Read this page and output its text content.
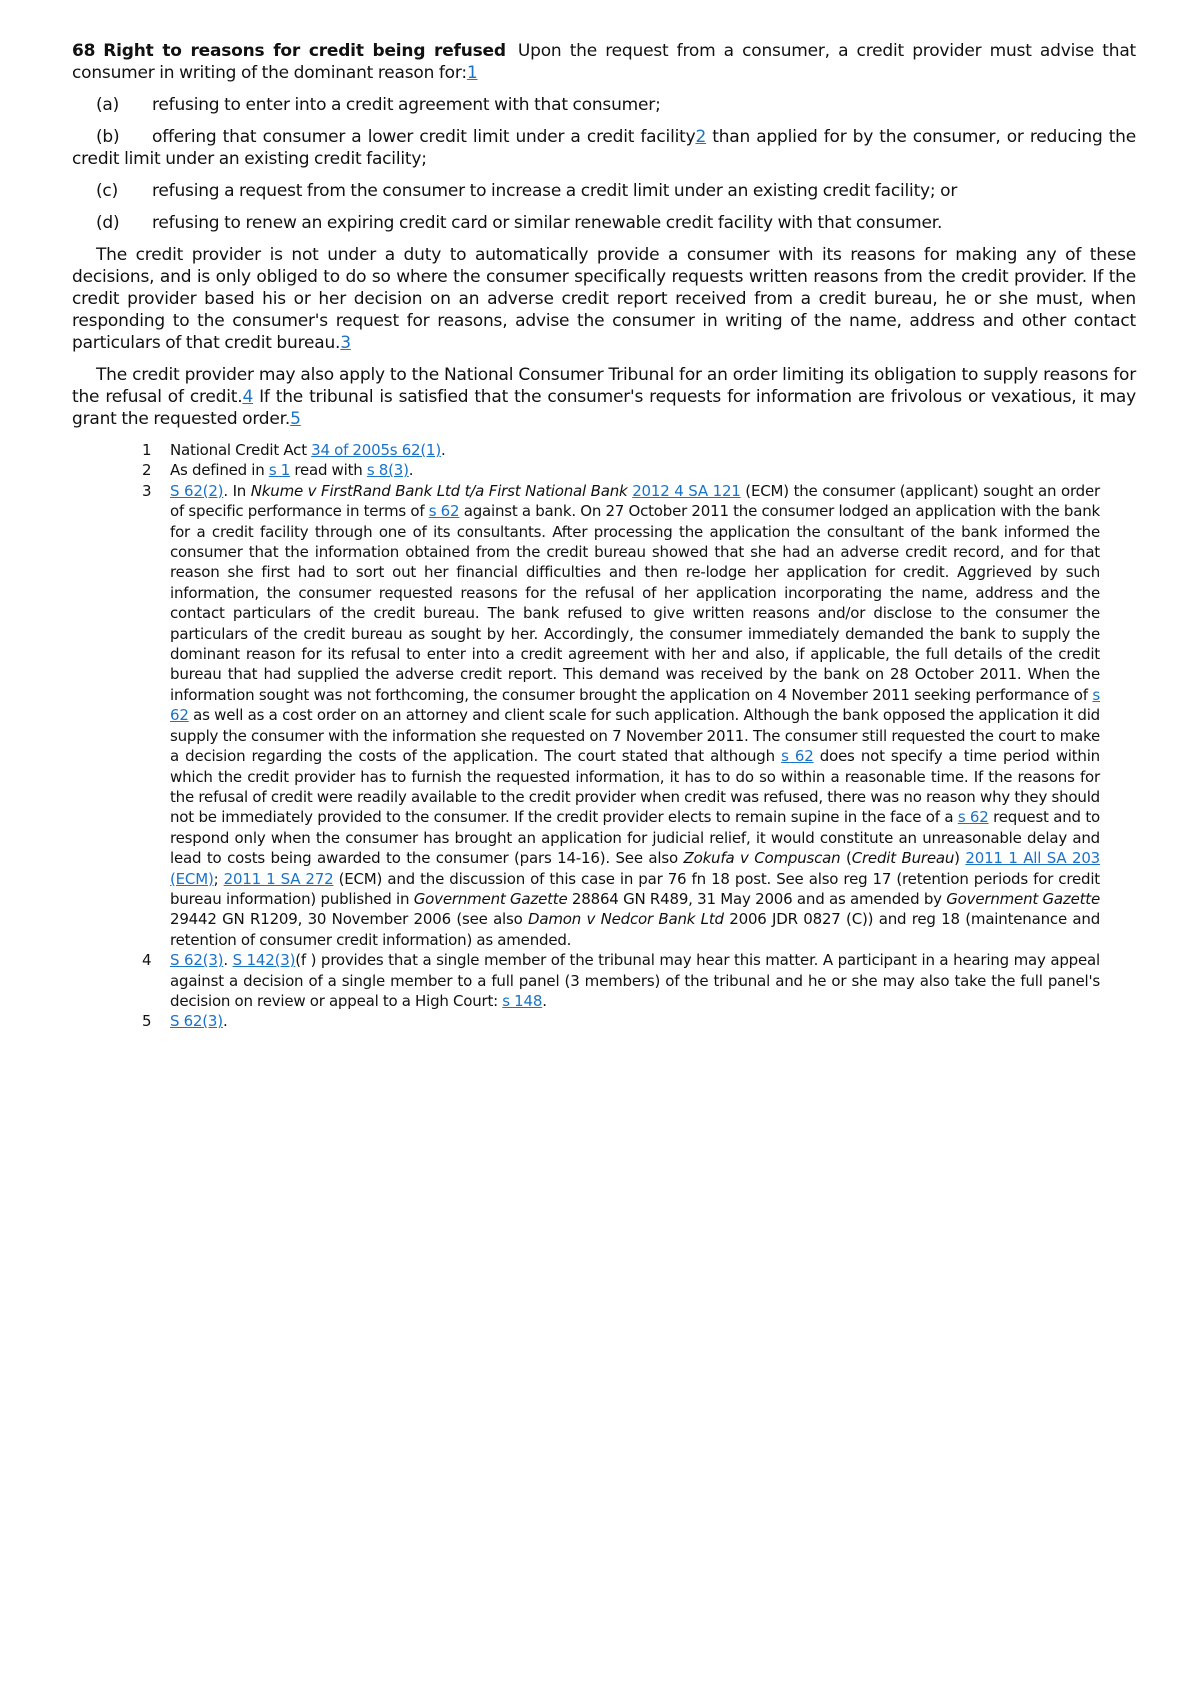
68 Right to reasons for credit being refused Upon the request from a consumer, a credit provider must advise that consumer in writing of the dominant reason for:1

(a) refusing to enter into a credit agreement with that consumer;

(b) offering that consumer a lower credit limit under a credit facility2 than applied for by the consumer, or reducing the credit limit under an existing credit facility;

(c) refusing a request from the consumer to increase a credit limit under an existing credit facility; or

(d) refusing to renew an expiring credit card or similar renewable credit facility with that consumer.

The credit provider is not under a duty to automatically provide a consumer with its reasons for making any of these decisions, and is only obliged to do so where the consumer specifically requests written reasons from the credit provider. If the credit provider based his or her decision on an adverse credit report received from a credit bureau, he or she must, when responding to the consumer's request for reasons, advise the consumer in writing of the name, address and other contact particulars of that credit bureau.3

The credit provider may also apply to the National Consumer Tribunal for an order limiting its obligation to supply reasons for the refusal of credit.4 If the tribunal is satisfied that the consumer's requests for information are frivolous or vexatious, it may grant the requested order.5

1	National Credit Act 34 of 2005s 62(1).
2	As defined in s 1 read with s 8(3).
3	S 62(2). In Nkume v FirstRand Bank Ltd t/a First National Bank 2012 4 SA 121 (ECM) the consumer (applicant) sought an order of specific performance in terms of s 62 against a bank. On 27 October 2011 the consumer lodged an application with the bank for a credit facility through one of its consultants. After processing the application the consultant of the bank informed the consumer that the information obtained from the credit bureau showed that she had an adverse credit record, and for that reason she first had to sort out her financial difficulties and then re-lodge her application for credit. Aggrieved by such information, the consumer requested reasons for the refusal of her application incorporating the name, address and the contact particulars of the credit bureau. The bank refused to give written reasons and/or disclose to the consumer the particulars of the credit bureau as sought by her. Accordingly, the consumer immediately demanded the bank to supply the dominant reason for its refusal to enter into a credit agreement with her and also, if applicable, the full details of the credit bureau that had supplied the adverse credit report. This demand was received by the bank on 28 October 2011. When the information sought was not forthcoming, the consumer brought the application on 4 November 2011 seeking performance of s 62 as well as a cost order on an attorney and client scale for such application. Although the bank opposed the application it did supply the consumer with the information she requested on 7 November 2011. The consumer still requested the court to make a decision regarding the costs of the application. The court stated that although s 62 does not specify a time period within which the credit provider has to furnish the requested information, it has to do so within a reasonable time. If the reasons for the refusal of credit were readily available to the credit provider when credit was refused, there was no reason why they should not be immediately provided to the consumer. If the credit provider elects to remain supine in the face of a s 62 request and to respond only when the consumer has brought an application for judicial relief, it would constitute an unreasonable delay and lead to costs being awarded to the consumer (pars 14-16). See also Zokufa v Compuscan (Credit Bureau) 2011 1 All SA 203 (ECM); 2011 1 SA 272 (ECM) and the discussion of this case in par 76 fn 18 post. See also reg 17 (retention periods for credit bureau information) published in Government Gazette 28864 GN R489, 31 May 2006 and as amended by Government Gazette 29442 GN R1209, 30 November 2006 (see also Damon v Nedcor Bank Ltd 2006 JDR 0827 (C)) and reg 18 (maintenance and retention of consumer credit information) as amended.
4	S 62(3). S 142(3)(f ) provides that a single member of the tribunal may hear this matter. A participant in a hearing may appeal against a decision of a single member to a full panel (3 members) of the tribunal and he or she may also take the full panel's decision on review or appeal to a High Court: s 148.
5	S 62(3).
